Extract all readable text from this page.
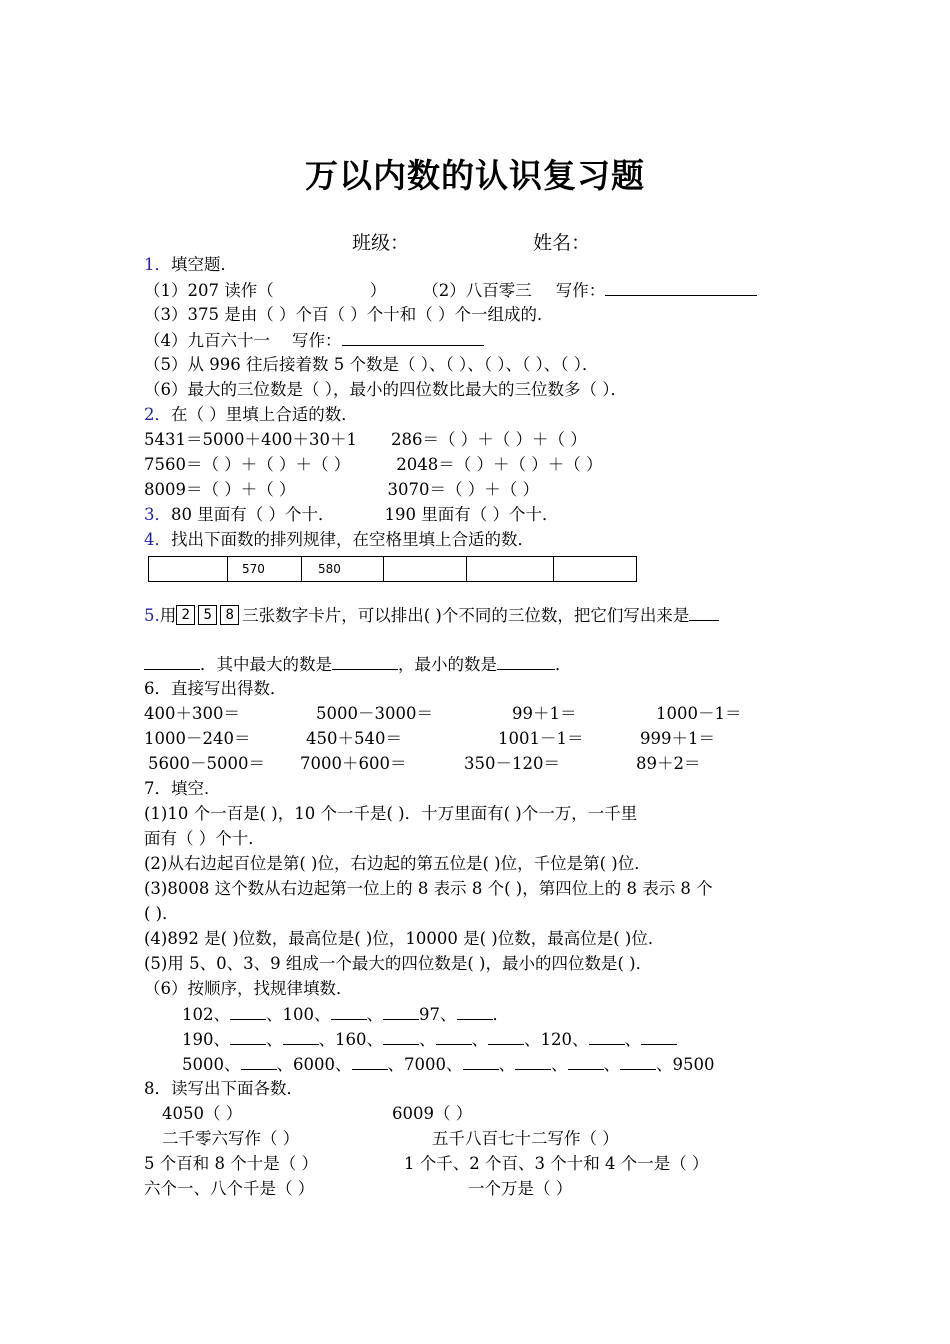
万以内数的认识复习题
班级：	姓名：
1．填空题．
（1）207 读作（	） （2）八百零三 写作：
（3）375 是由（ ）个百（ ）个十和（ ）个一组成的．
（4）九百六十一 写作：
（5）从 996 往后接着数 5 个数是（ ）、（ ）、（ ）、（ ）、（ ）．
（6）最大的三位数是（ ），最小的四位数比最大的三位数多（ ）．
2．在（ ）里填上合适的数．
5431＝5000＋400＋30＋1 286＝（ ）＋（ ）＋（ ）
7560＝（ ）＋（ ）＋（ ）	2048＝（ ）＋（ ）＋（ ）
8009＝（ ）＋（ ）	3070＝（ ）＋（ ）
3．80 里面有（ ）个十．	190 里面有（ ）个十．
4．找出下面数的排列规律，在空格里填上合适的数．
	570	580			
5.用 2 5 8 三张数字卡片，可以排出( )个不同的三位数，把它们写出来是
．其中最大的数是	，最小的数是	．
6．直接写出得数．
400＋300＝	5000－3000＝	99＋1＝	1000－1＝
1000－240＝	450＋540＝	1001－1＝	999＋1＝
5600－5000＝ 7000＋600＝	350－120＝	89＋2＝
7．填空．
(1)10 个一百是( )，10 个一千是( )．十万里面有( )个一万，一千里
面有（ ）个十．
(2)从右边起百位是第( )位，右边起的第五位是( )位，千位是第( )位．
(3)8008 这个数从右边起第一位上的 8 表示 8 个( )，第四位上的 8 表示 8 个
( )．
(4)892 是( )位数，最高位是( )位，10000 是( )位数，最高位是( )位．
(5)用 5、0、3、9 组成一个最大的四位数是( )，最小的四位数是( )．
（6）按顺序，找规律填数．
102、 、100、 、 97、 ．
190、 、 、160、 、 、 、120、 、
5000、 、6000、 、7000、 、 、 、 、9500
8．读写出下面各数．
4050（ ）	6009（ ）
二千零六写作（ ）	五千八百七十二写作（ ）
5 个百和 8 个十是（ ）	1 个千、2 个百、3 个十和 4 个一是（ ）
六个一、八个千是（ ）	一个万是（ ）
